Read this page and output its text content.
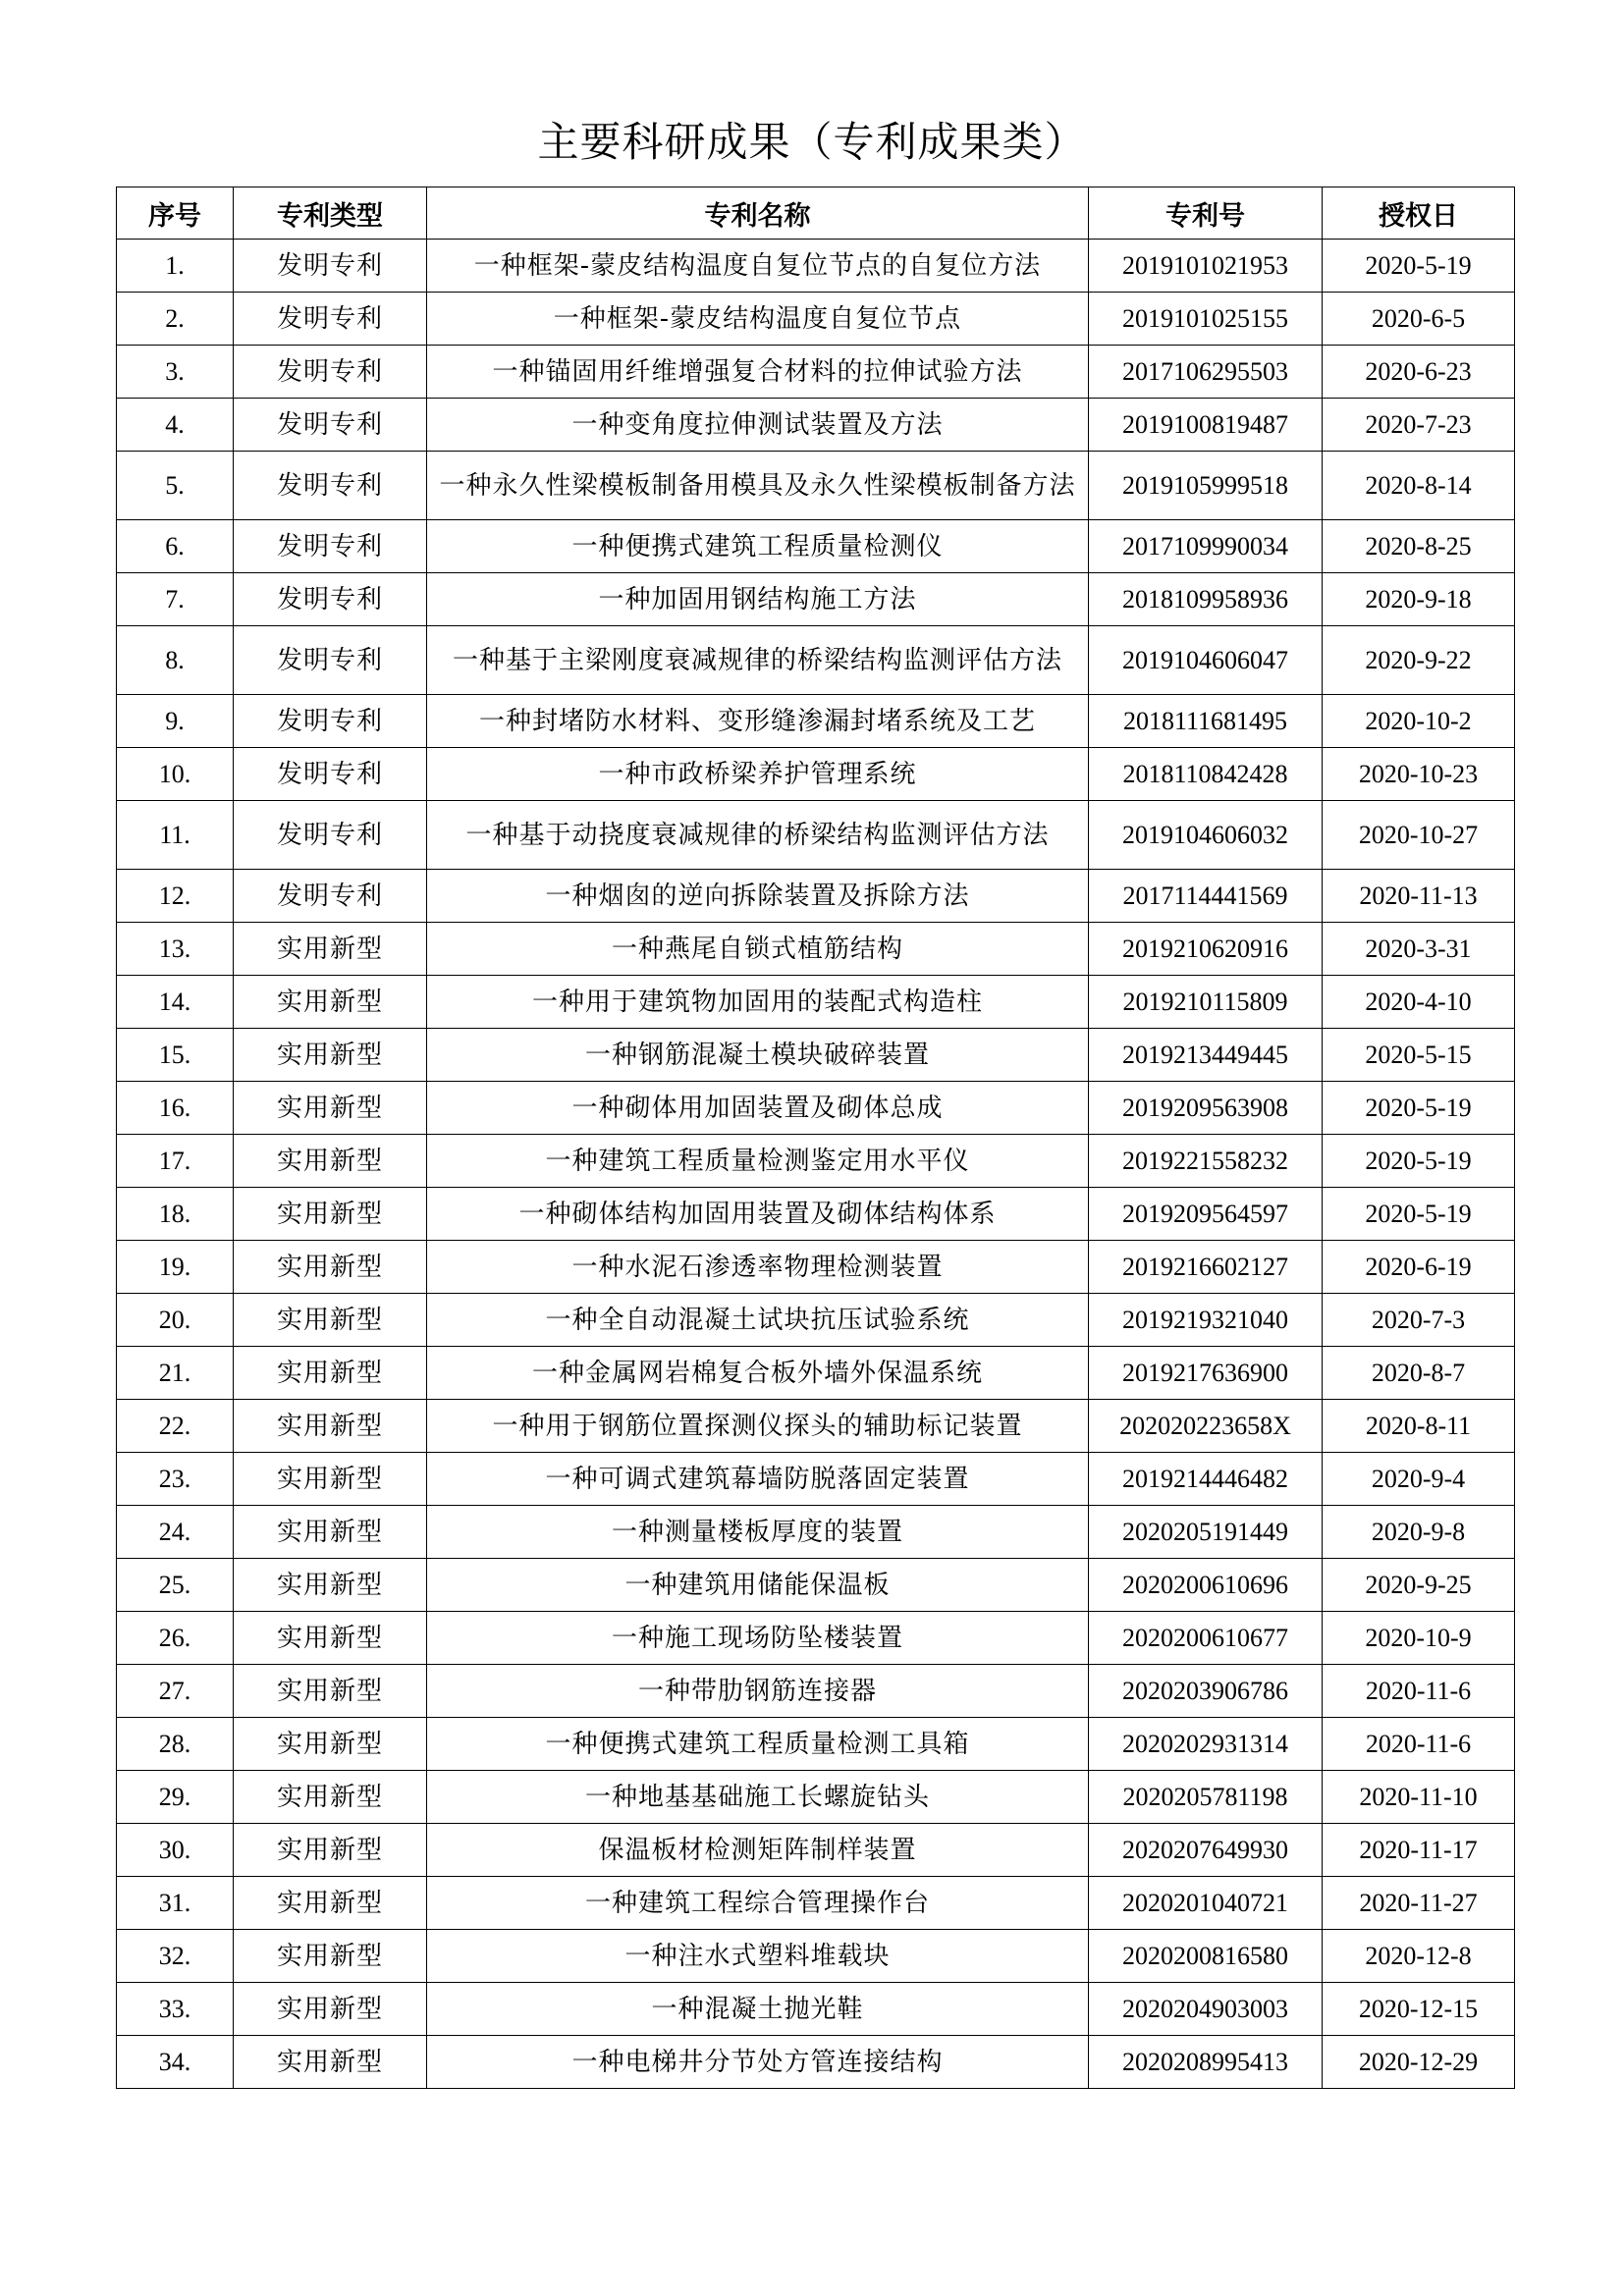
主要科研成果（专利成果类）
序号	专利类型	专利名称	专利号	授权日
1.	发明专利	一种框架-蒙皮结构温度自复位节点的自复位方法	2019101021953	2020-5-19
2.	发明专利	一种框架-蒙皮结构温度自复位节点	2019101025155	2020-6-5
3.	发明专利	一种锚固用纤维增强复合材料的拉伸试验方法	2017106295503	2020-6-23
4.	发明专利	一种变角度拉伸测试装置及方法	2019100819487	2020-7-23
5.	发明专利	一种永久性梁模板制备用模具及永久性梁模板制备方法	2019105999518	2020-8-14
6.	发明专利	一种便携式建筑工程质量检测仪	2017109990034	2020-8-25
7.	发明专利	一种加固用钢结构施工方法	2018109958936	2020-9-18
8.	发明专利	一种基于主梁刚度衰减规律的桥梁结构监测评估方法	2019104606047	2020-9-22
9.	发明专利	一种封堵防水材料、变形缝渗漏封堵系统及工艺	2018111681495	2020-10-2
10.	发明专利	一种市政桥梁养护管理系统	2018110842428	2020-10-23
11.	发明专利	一种基于动挠度衰减规律的桥梁结构监测评估方法	2019104606032	2020-10-27
12.	发明专利	一种烟囱的逆向拆除装置及拆除方法	2017114441569	2020-11-13
13.	实用新型	一种燕尾自锁式植筋结构	2019210620916	2020-3-31
14.	实用新型	一种用于建筑物加固用的装配式构造柱	2019210115809	2020-4-10
15.	实用新型	一种钢筋混凝土模块破碎装置	2019213449445	2020-5-15
16.	实用新型	一种砌体用加固装置及砌体总成	2019209563908	2020-5-19
17.	实用新型	一种建筑工程质量检测鉴定用水平仪	2019221558232	2020-5-19
18.	实用新型	一种砌体结构加固用装置及砌体结构体系	2019209564597	2020-5-19
19.	实用新型	一种水泥石渗透率物理检测装置	2019216602127	2020-6-19
20.	实用新型	一种全自动混凝土试块抗压试验系统	2019219321040	2020-7-3
21.	实用新型	一种金属网岩棉复合板外墙外保温系统	2019217636900	2020-8-7
22.	实用新型	一种用于钢筋位置探测仪探头的辅助标记装置	202020223658X	2020-8-11
23.	实用新型	一种可调式建筑幕墙防脱落固定装置	2019214446482	2020-9-4
24.	实用新型	一种测量楼板厚度的装置	2020205191449	2020-9-8
25.	实用新型	一种建筑用储能保温板	2020200610696	2020-9-25
26.	实用新型	一种施工现场防坠楼装置	2020200610677	2020-10-9
27.	实用新型	一种带肋钢筋连接器	2020203906786	2020-11-6
28.	实用新型	一种便携式建筑工程质量检测工具箱	2020202931314	2020-11-6
29.	实用新型	一种地基基础施工长螺旋钻头	2020205781198	2020-11-10
30.	实用新型	保温板材检测矩阵制样装置	2020207649930	2020-11-17
31.	实用新型	一种建筑工程综合管理操作台	2020201040721	2020-11-27
32.	实用新型	一种注水式塑料堆载块	2020200816580	2020-12-8
33.	实用新型	一种混凝土抛光鞋	2020204903003	2020-12-15
34.	实用新型	一种电梯井分节处方管连接结构	2020208995413	2020-12-29
